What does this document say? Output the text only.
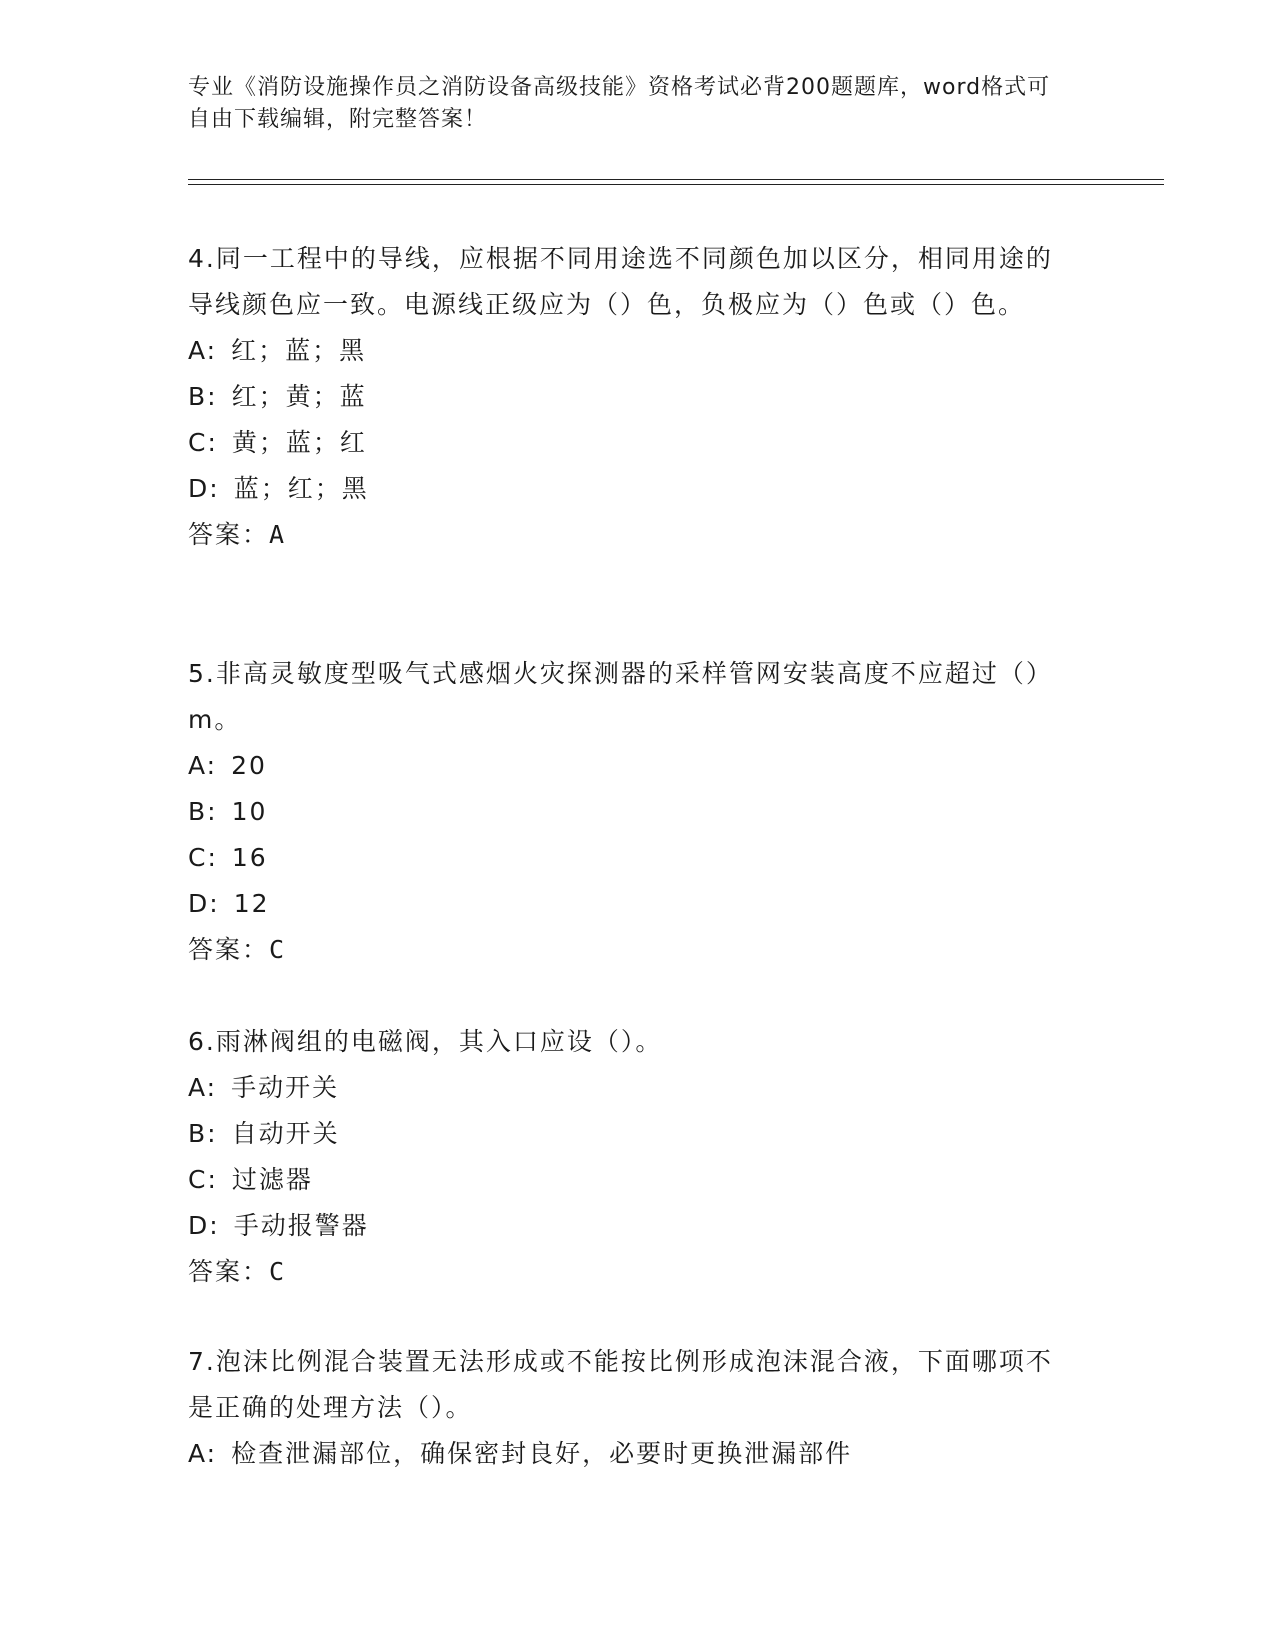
专业《消防设施操作员之消防设备高级技能》资格考试必背200题题库，word格式可自由下载编辑，附完整答案！

4.同一工程中的导线，应根据不同用途选不同颜色加以区分，相同用途的导线颜色应一致。电源线正级应为（）色，负极应为（）色或（）色。

A: 红；蓝；黑

B: 红；黄；蓝

C: 黄；蓝；红

D: 蓝；红；黑

答案：A

5.非高灵敏度型吸气式感烟火灾探测器的采样管网安装高度不应超过（）m。

A: 20

B: 10

C: 16

D: 12

答案：C

6.雨淋阀组的电磁阀，其入口应设（）。

A: 手动开关

B: 自动开关

C: 过滤器

D: 手动报警器

答案：C

7.泡沫比例混合装置无法形成或不能按比例形成泡沫混合液，下面哪项不是正确的处理方法（）。

A: 检查泄漏部位，确保密封良好，必要时更换泄漏部件
